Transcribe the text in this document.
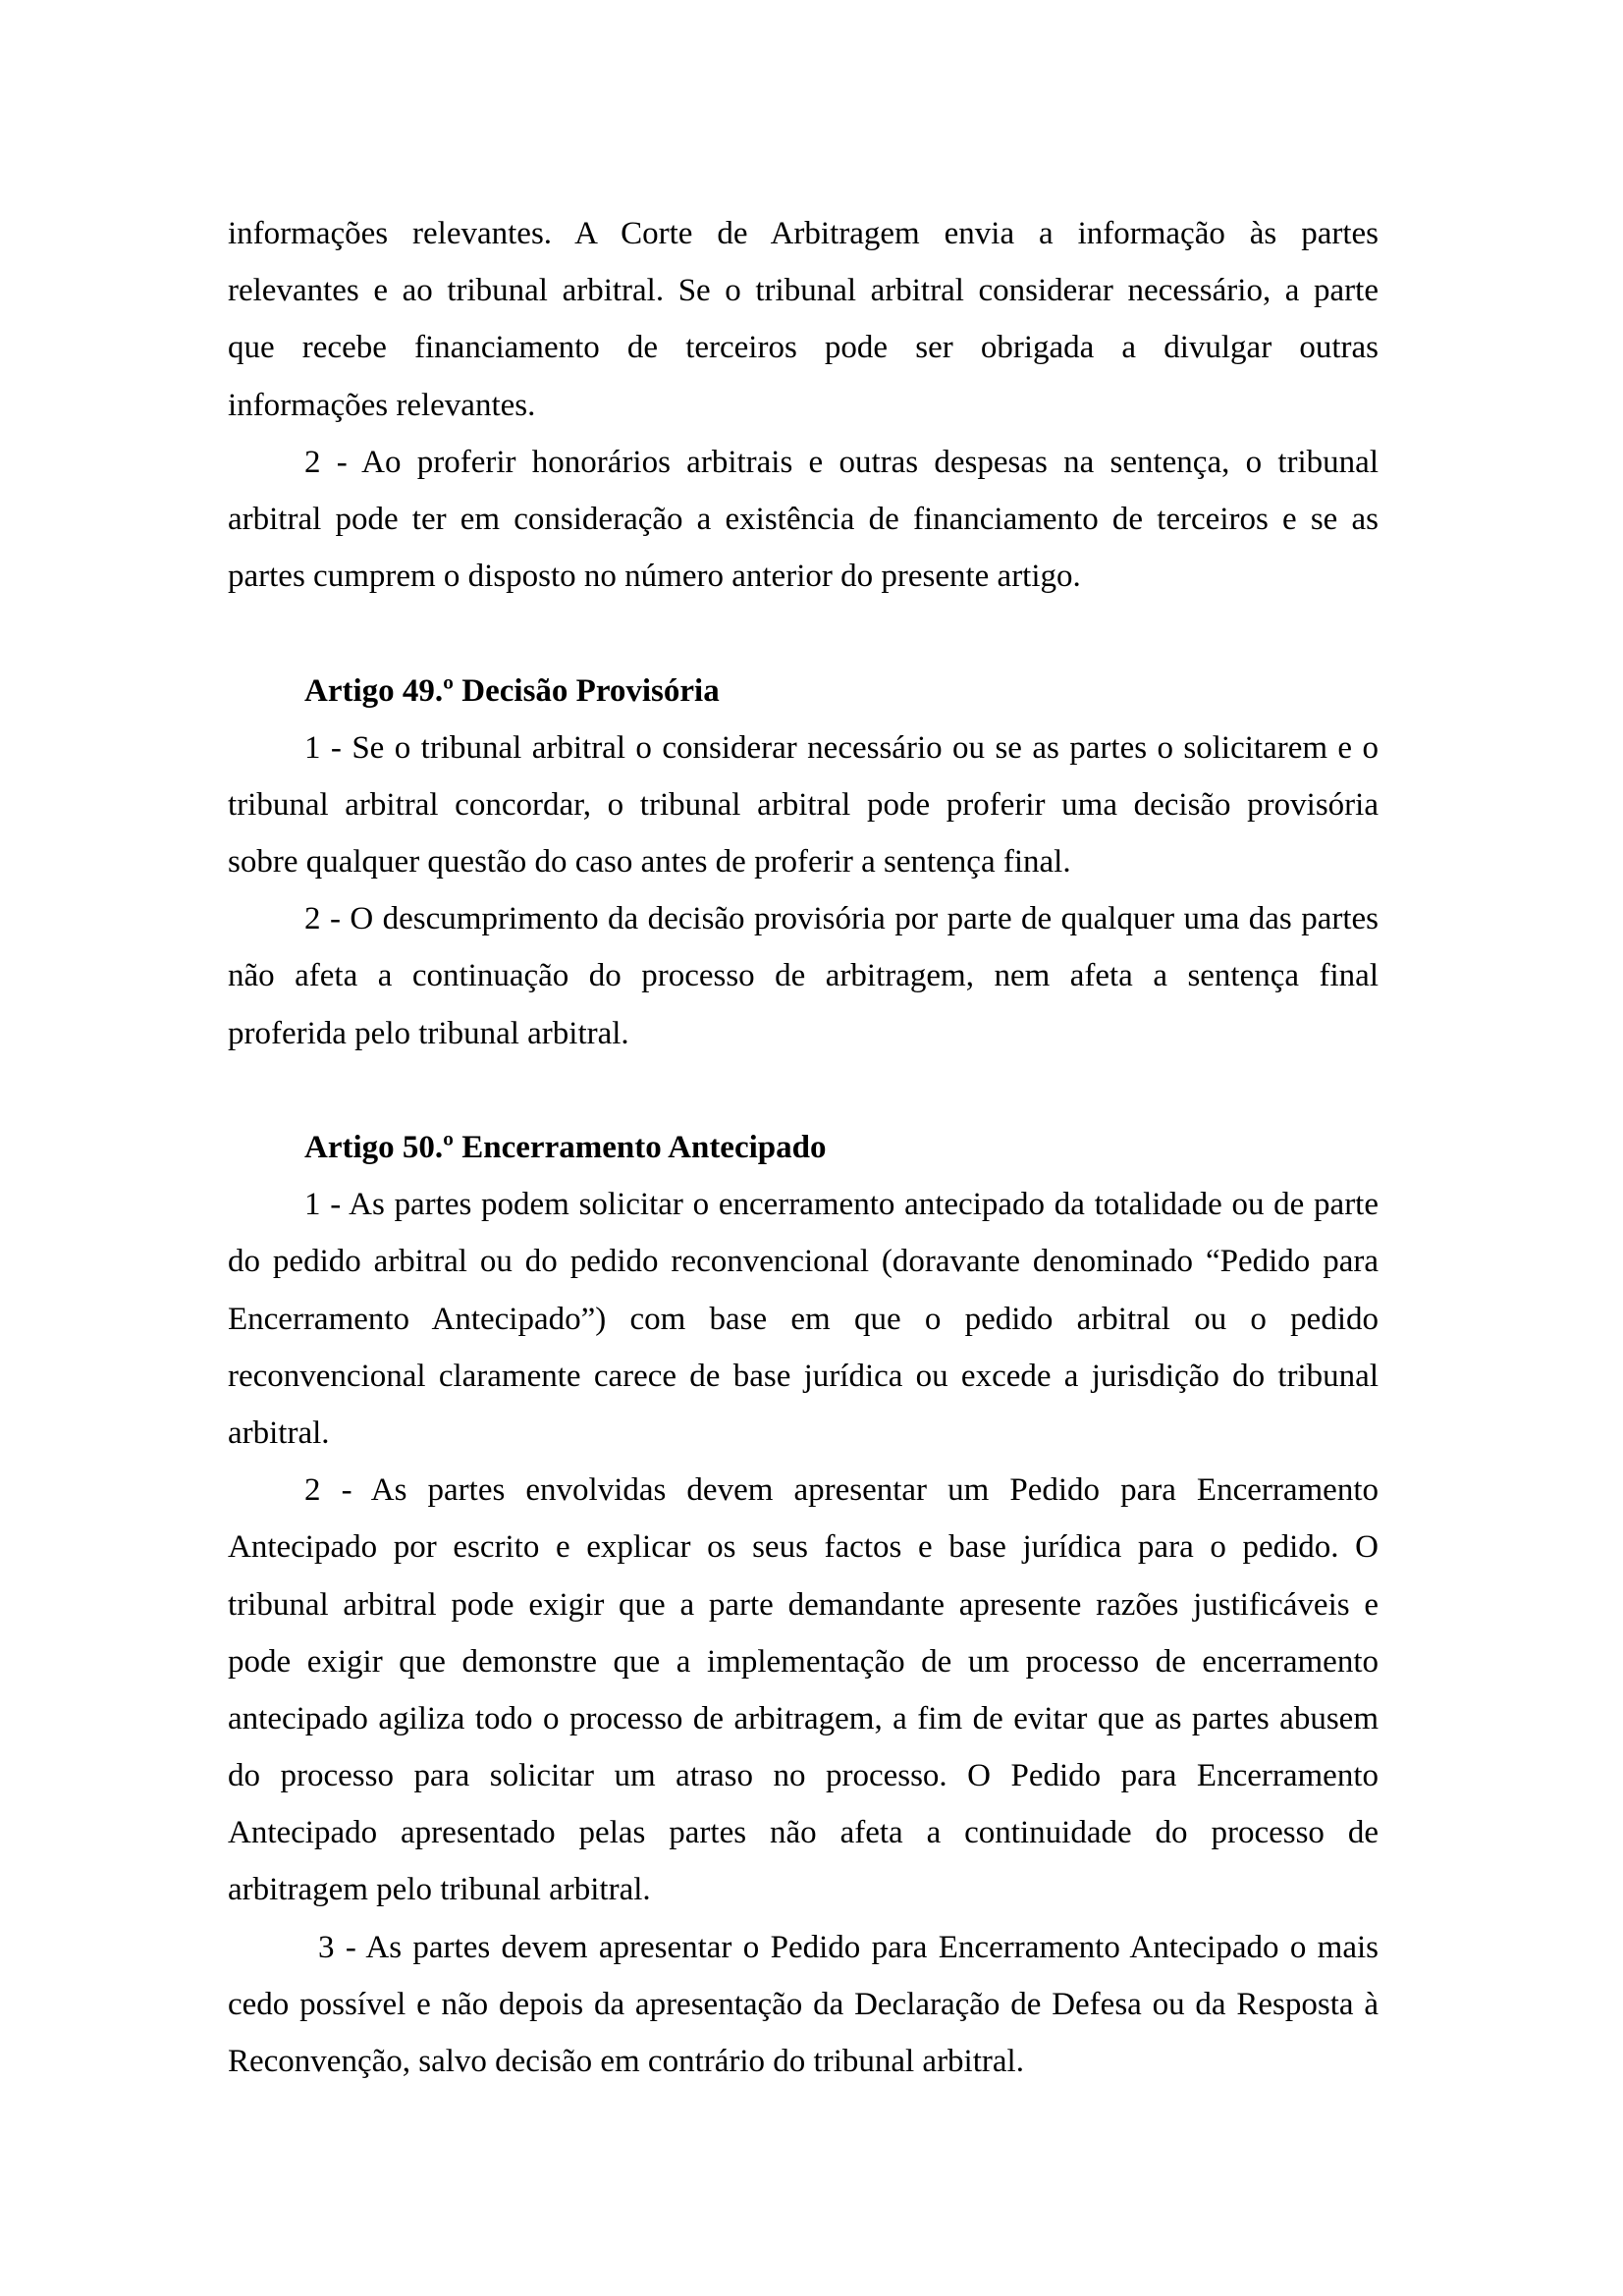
informações relevantes. A Corte de Arbitragem envia a informação às partes
relevantes e ao tribunal arbitral. Se o tribunal arbitral considerar necessário, a parte
que recebe financiamento de terceiros pode ser obrigada a divulgar outras
informações relevantes.
2 - Ao proferir honorários arbitrais e outras despesas na sentença, o tribunal
arbitral pode ter em consideração a existência de financiamento de terceiros e se as
partes cumprem o disposto no número anterior do presente artigo.
Artigo 49.º Decisão Provisória
1 - Se o tribunal arbitral o considerar necessário ou se as partes o solicitarem e o
tribunal arbitral concordar, o tribunal arbitral pode proferir uma decisão provisória
sobre qualquer questão do caso antes de proferir a sentença final.
2 - O descumprimento da decisão provisória por parte de qualquer uma das partes
não afeta a continuação do processo de arbitragem, nem afeta a sentença final
proferida pelo tribunal arbitral.
Artigo 50.º Encerramento Antecipado
1 - As partes podem solicitar o encerramento antecipado da totalidade ou de parte
do pedido arbitral ou do pedido reconvencional (doravante denominado “Pedido para
Encerramento Antecipado”) com base em que o pedido arbitral ou o pedido
reconvencional claramente carece de base jurídica ou excede a jurisdição do tribunal
arbitral.
2 - As partes envolvidas devem apresentar um Pedido para Encerramento
Antecipado por escrito e explicar os seus factos e base jurídica para o pedido. O
tribunal arbitral pode exigir que a parte demandante apresente razões justificáveis e
pode exigir que demonstre que a implementação de um processo de encerramento
antecipado agiliza todo o processo de arbitragem, a fim de evitar que as partes abusem
do processo para solicitar um atraso no processo. O Pedido para Encerramento
Antecipado apresentado pelas partes não afeta a continuidade do processo de
arbitragem pelo tribunal arbitral.
3 - As partes devem apresentar o Pedido para Encerramento Antecipado o mais
cedo possível e não depois da apresentação da Declaração de Defesa ou da Resposta à
Reconvenção, salvo decisão em contrário do tribunal arbitral.
